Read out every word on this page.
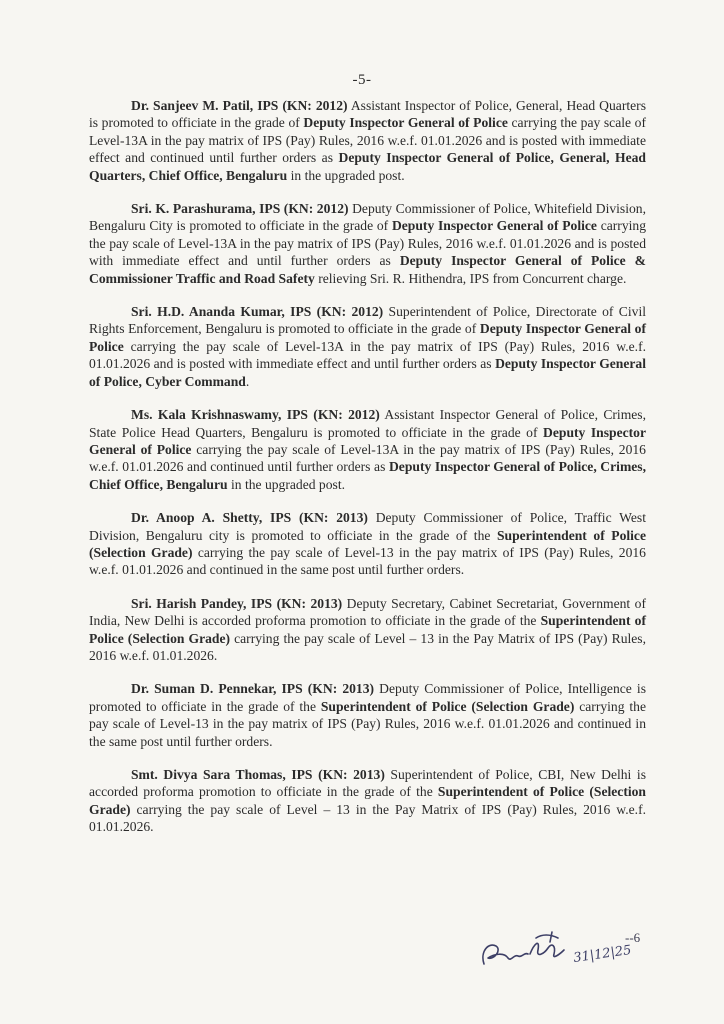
-5-

Dr. Sanjeev M. Patil, IPS (KN: 2012) Assistant Inspector of Police, General, Head Quarters is promoted to officiate in the grade of Deputy Inspector General of Police carrying the pay scale of Level-13A in the pay matrix of IPS (Pay) Rules, 2016 w.e.f. 01.01.2026 and is posted with immediate effect and continued until further orders as Deputy Inspector General of Police, General, Head Quarters, Chief Office, Bengaluru in the upgraded post.

Sri. K. Parashurama, IPS (KN: 2012) Deputy Commissioner of Police, Whitefield Division, Bengaluru City is promoted to officiate in the grade of Deputy Inspector General of Police carrying the pay scale of Level-13A in the pay matrix of IPS (Pay) Rules, 2016 w.e.f. 01.01.2026 and is posted with immediate effect and until further orders as Deputy Inspector General of Police & Commissioner Traffic and Road Safety relieving Sri. R. Hithendra, IPS from Concurrent charge.

Sri. H.D. Ananda Kumar, IPS (KN: 2012) Superintendent of Police, Directorate of Civil Rights Enforcement, Bengaluru is promoted to officiate in the grade of Deputy Inspector General of Police carrying the pay scale of Level-13A in the pay matrix of IPS (Pay) Rules, 2016 w.e.f. 01.01.2026 and is posted with immediate effect and until further orders as Deputy Inspector General of Police, Cyber Command.

Ms. Kala Krishnaswamy, IPS (KN: 2012) Assistant Inspector General of Police, Crimes, State Police Head Quarters, Bengaluru is promoted to officiate in the grade of Deputy Inspector General of Police carrying the pay scale of Level-13A in the pay matrix of IPS (Pay) Rules, 2016 w.e.f. 01.01.2026 and continued until further orders as Deputy Inspector General of Police, Crimes, Chief Office, Bengaluru in the upgraded post.

Dr. Anoop A. Shetty, IPS (KN: 2013) Deputy Commissioner of Police, Traffic West Division, Bengaluru city is promoted to officiate in the grade of the Superintendent of Police (Selection Grade) carrying the pay scale of Level-13 in the pay matrix of IPS (Pay) Rules, 2016 w.e.f. 01.01.2026 and continued in the same post until further orders.

Sri. Harish Pandey, IPS (KN: 2013) Deputy Secretary, Cabinet Secretariat, Government of India, New Delhi is accorded proforma promotion to officiate in the grade of the Superintendent of Police (Selection Grade) carrying the pay scale of Level – 13 in the Pay Matrix of IPS (Pay) Rules, 2016 w.e.f. 01.01.2026.

Dr. Suman D. Pennekar, IPS (KN: 2013) Deputy Commissioner of Police, Intelligence is promoted to officiate in the grade of the Superintendent of Police (Selection Grade) carrying the pay scale of Level-13 in the pay matrix of IPS (Pay) Rules, 2016 w.e.f. 01.01.2026 and continued in the same post until further orders.

Smt. Divya Sara Thomas, IPS (KN: 2013) Superintendent of Police, CBI, New Delhi is accorded proforma promotion to officiate in the grade of the Superintendent of Police (Selection Grade) carrying the pay scale of Level – 13 in the Pay Matrix of IPS (Pay) Rules, 2016 w.e.f. 01.01.2026.

31|12|25
--6
